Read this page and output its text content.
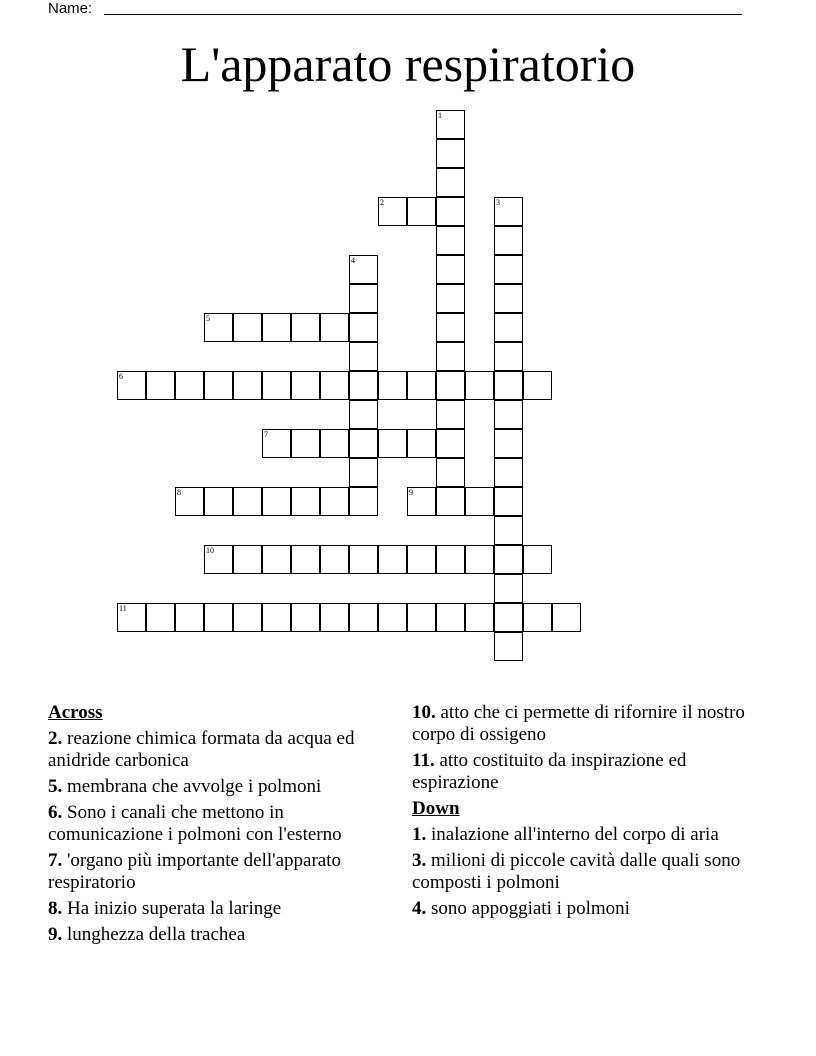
Name:
L'apparato respiratorio
1
2	3
4
5
6
7
8	9
10
11
Across
2. reazione chimica formata da acqua ed anidride carbonica
5. membrana che avvolge i polmoni
6. Sono i canali che mettono in comunicazione i polmoni con l'esterno
7. 'organo più importante dell'apparato respiratorio
8. Ha inizio superata la laringe
9. lunghezza della trachea
10. atto che ci permette di rifornire il nostro corpo di ossigeno
11. atto costituito da inspirazione ed espirazione
Down
1. inalazione all'interno del corpo di aria
3. milioni di piccole cavità dalle quali sono composti i polmoni
4. sono appoggiati i polmoni
